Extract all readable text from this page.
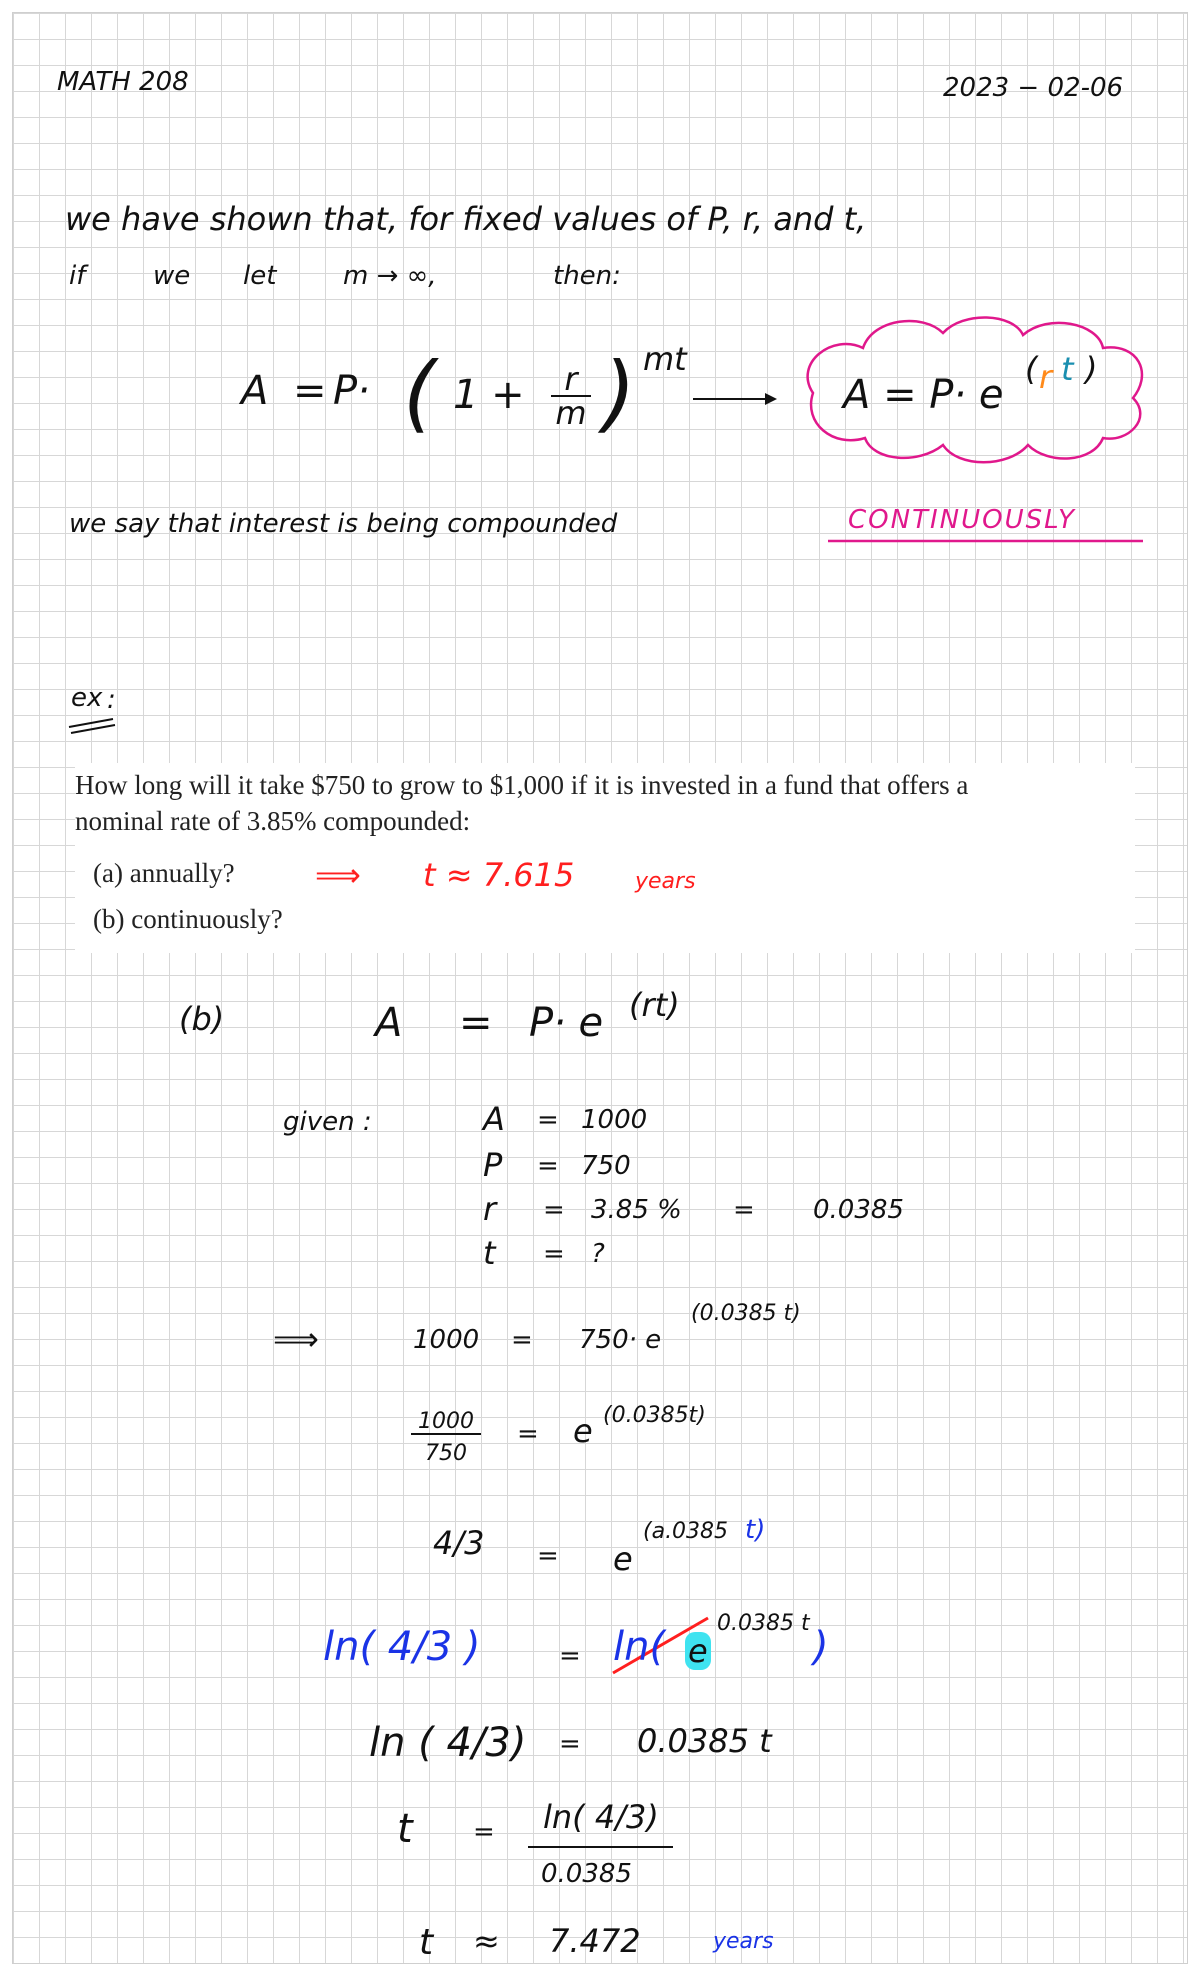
MATH 208	2023 − 02-06
we have shown that, for fixed values of P, r, and t,
if	we let	m → ∞,	then:
A = P· ( 1 +	r
m ) mt
A = P· e
( r t )
we say that interest is being compounded	CONTINUOUSLY
ex :
How long will it take $750 to grow to $1,000 if it is invested in a fund that offers a
nominal rate of 3.85% compounded:
(a) annually?
(b) continuously?
⟹ t ≈ 7.615	years
(b)	A = P· e (rt)
given :	A = 1000
P = 750
r = 3.85 % = 0.0385
t = ?
⟹	1000 = 750· e
(0.0385 t)
1000
750
= e (0.0385t)
4/3 = e
(a.0385 t)
ln( 4/3 )	= ln( e
0.0385 t
)
ln ( 4/3) = 0.0385 t
t = ln( 4/3)
0.0385
t ≈ 7.472	years
